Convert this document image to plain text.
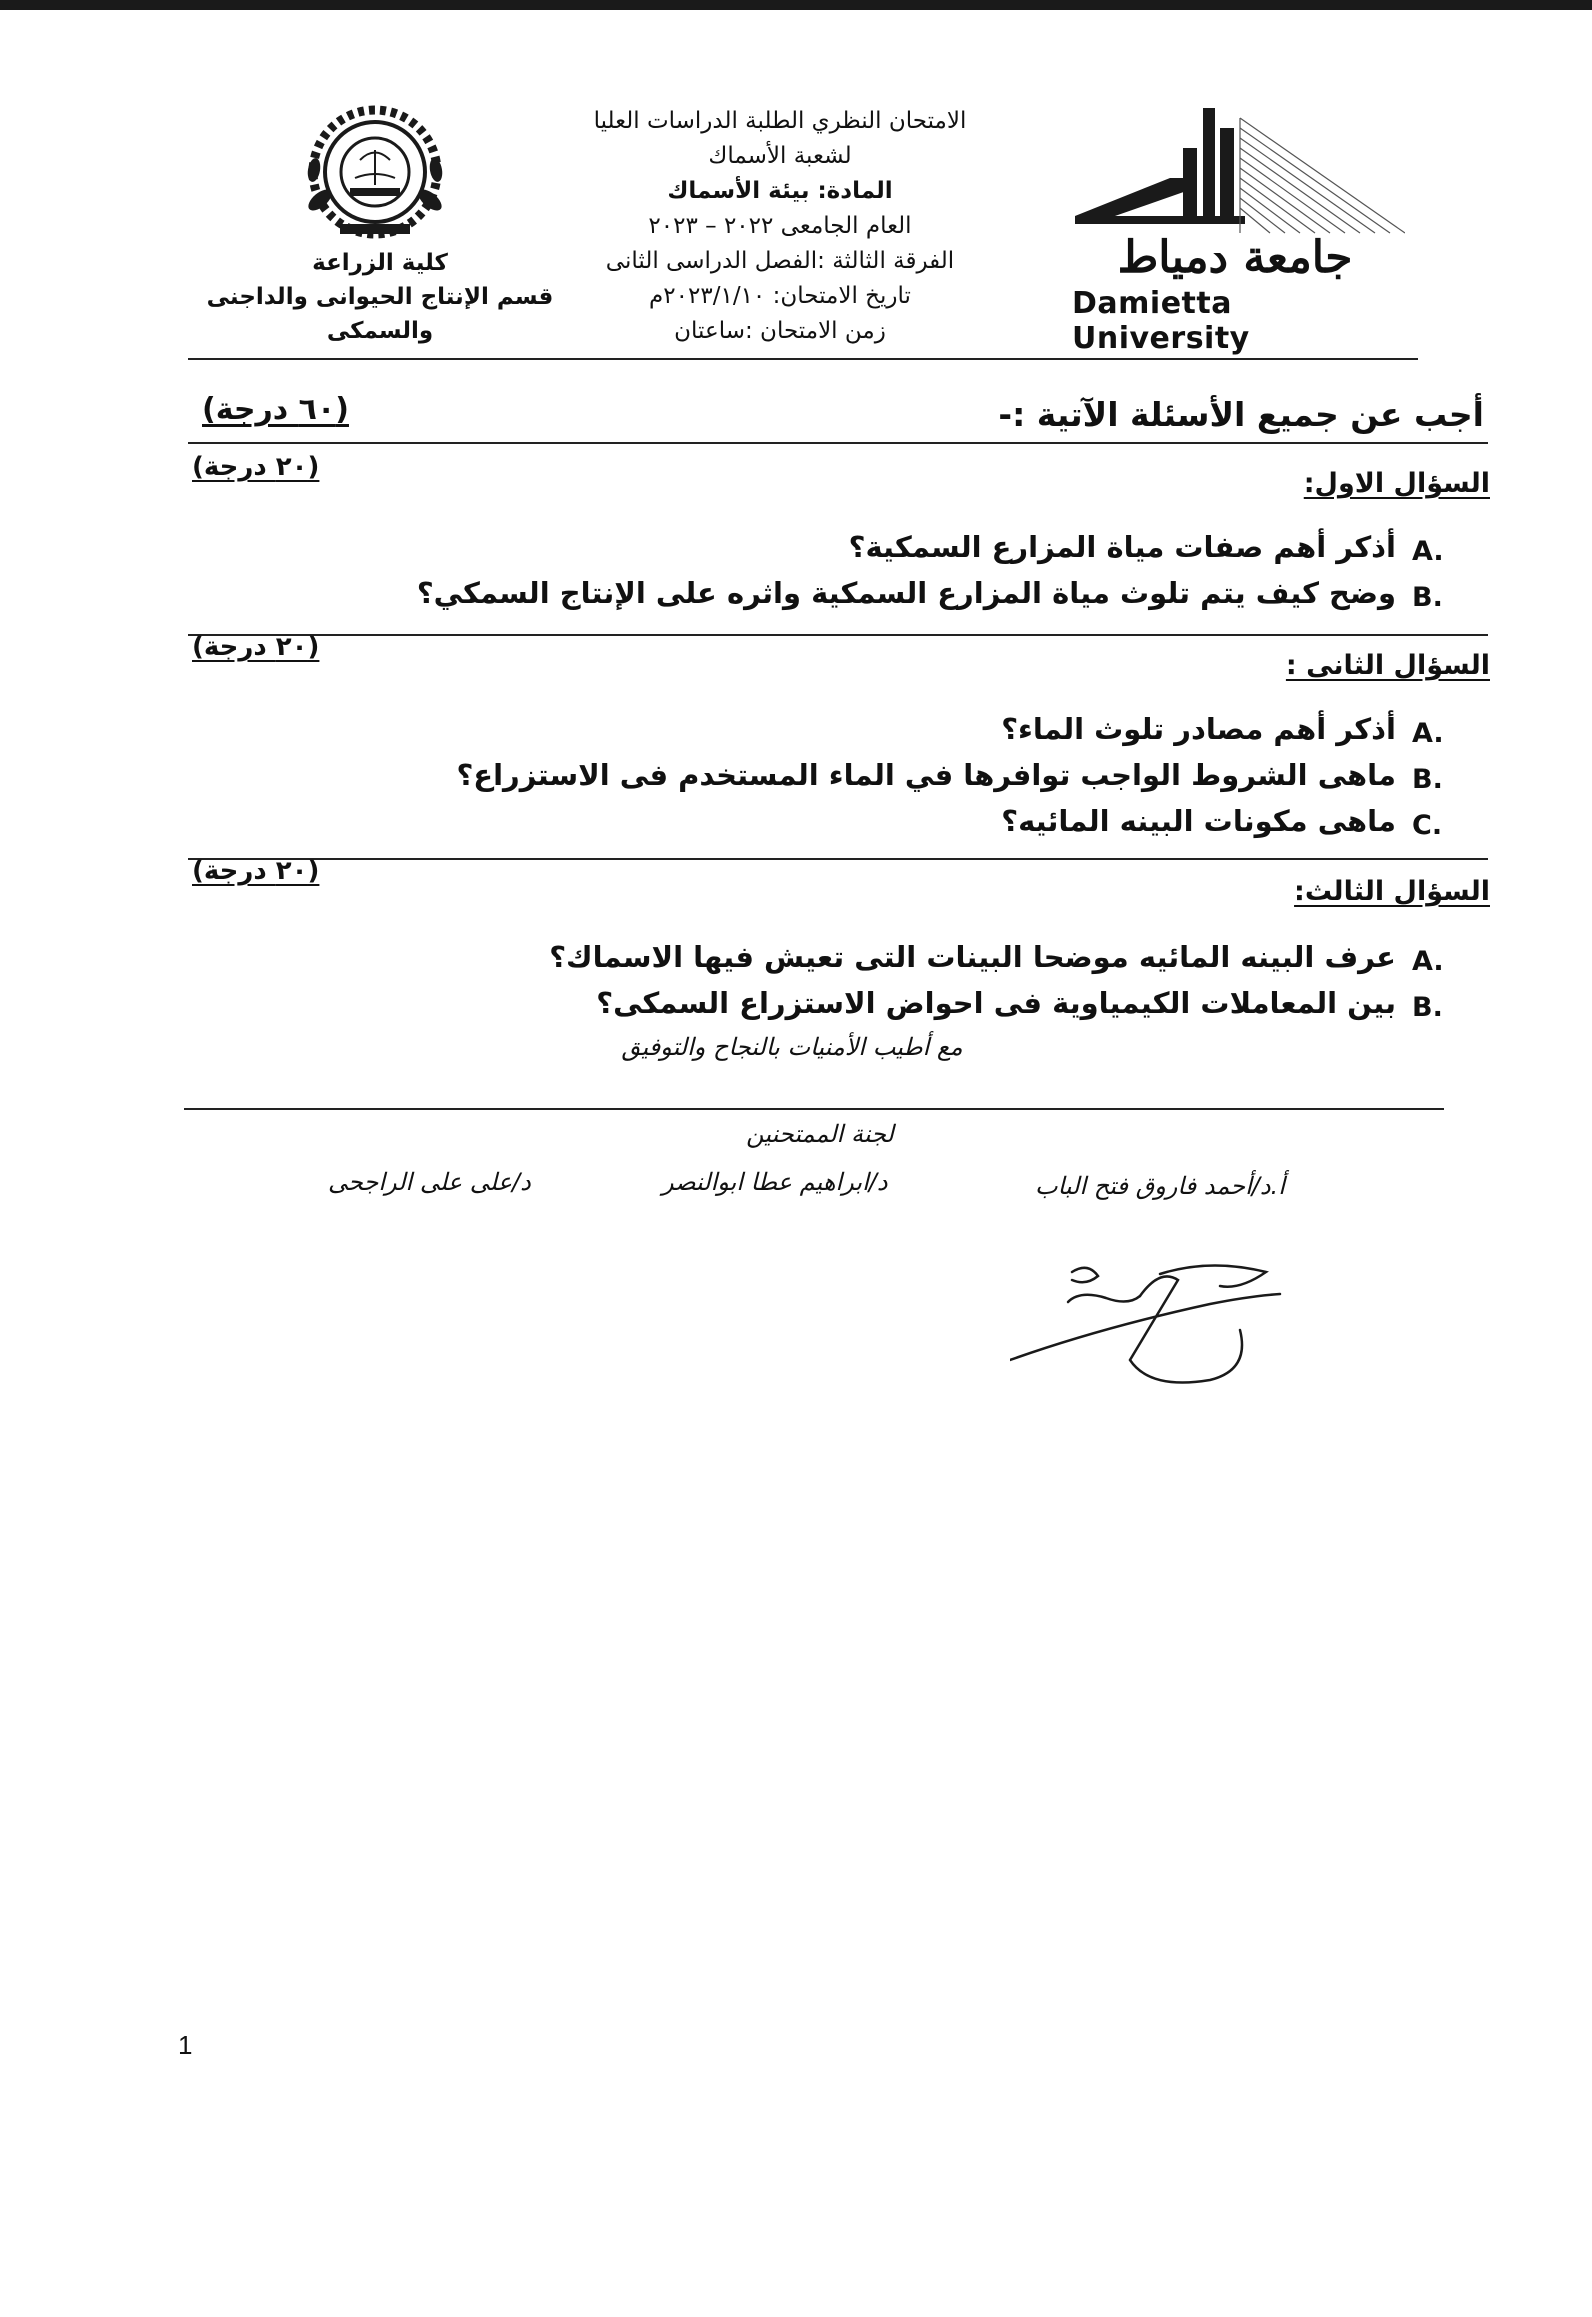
جامعة دمياط
Damietta University
الامتحان النظري الطلبة الدراسات العليا
لشعبة الأسماك
المادة: بيئة الأسماك
العام الجامعى ٢٠٢٢ – ٢٠٢٣
الفرقة الثالثة :الفصل الدراسى الثانى
تاريخ الامتحان: ٢٠٢٣/١/١٠م
زمن الامتحان :ساعتان
كلية الزراعة
قسم الإنتاج الحيوانى والداجنى
والسمكى
أجب عن جميع الأسئلة الآتية :-
(٦٠ درجة)
(٢٠ درجة)
السؤال الاول:
A.
أذكر أهم صفات مياة المزارع السمكية؟
B.
وضح كيف يتم تلوث مياة المزارع السمكية واثره على الإنتاج السمكي؟
(٢٠ درجة)
السؤال الثانى :
A.
أذكر أهم مصادر تلوث الماء؟
B.
ماهى الشروط الواجب توافرها في الماء المستخدم فى الاستزراع؟
C.
ماهى مكونات البينه المائيه؟
(٢٠ درجة)
السؤال الثالث:
A.
عرف البينه المائيه موضحا البينات التى تعيش فيها الاسماك؟
B.
بين المعاملات الكيمياوية فى احواض الاستزراع السمكى؟
مع أطيب الأمنيات بالنجاح والتوفيق
لجنة الممتحنين
أ.د/أحمد فاروق فتح الباب
د/ابراهيم عطا ابوالنصر
د/على على الراجحى
1
